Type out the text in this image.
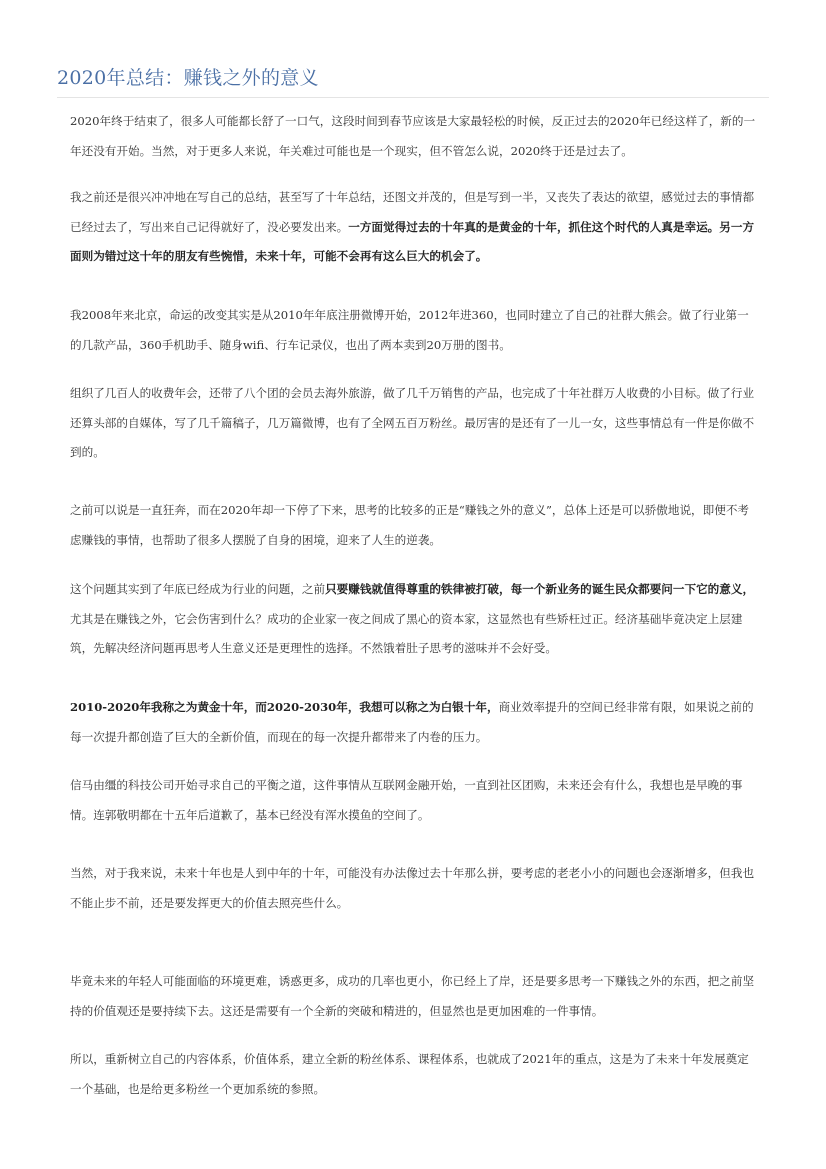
2020年总结：赚钱之外的意义

2020年终于结束了，很多人可能都长舒了一口气，这段时间到春节应该是大家最轻松的时候，反正过去的2020年已经这样了，新的一年还没有开始。当然，对于更多人来说，年关难过可能也是一个现实，但不管怎么说，2020终于还是过去了。

我之前还是很兴冲冲地在写自己的总结，甚至写了十年总结，还图文并茂的，但是写到一半，又丧失了表达的欲望，感觉过去的事情都已经过去了，写出来自己记得就好了，没必要发出来。一方面觉得过去的十年真的是黄金的十年，抓住这个时代的人真是幸运。另一方面则为错过这十年的朋友有些惋惜，未来十年，可能不会再有这么巨大的机会了。

我2008年来北京，命运的改变其实是从2010年年底注册微博开始，2012年进360，也同时建立了自己的社群大熊会。做了行业第一的几款产品，360手机助手、随身wifi、行车记录仪，也出了两本卖到20万册的图书。

组织了几百人的收费年会，还带了八个团的会员去海外旅游，做了几千万销售的产品，也完成了十年社群万人收费的小目标。做了行业还算头部的自媒体，写了几千篇稿子，几万篇微博，也有了全网五百万粉丝。最厉害的是还有了一儿一女，这些事情总有一件是你做不到的。

之前可以说是一直狂奔，而在2020年却一下停了下来，思考的比较多的正是“赚钱之外的意义”，总体上还是可以骄傲地说，即便不考虑赚钱的事情，也帮助了很多人摆脱了自身的困境，迎来了人生的逆袭。

这个问题其实到了年底已经成为行业的问题，之前只要赚钱就值得尊重的铁律被打破，每一个新业务的诞生民众都要问一下它的意义，尤其是在赚钱之外，它会伤害到什么？成功的企业家一夜之间成了黑心的资本家，这显然也有些矫枉过正。经济基础毕竟决定上层建筑，先解决经济问题再思考人生意义还是更理性的选择。不然饿着肚子思考的滋味并不会好受。

2010-2020年我称之为黄金十年，而2020-2030年，我想可以称之为白银十年，商业效率提升的空间已经非常有限，如果说之前的每一次提升都创造了巨大的全新价值，而现在的每一次提升都带来了内卷的压力。

信马由缰的科技公司开始寻求自己的平衡之道，这件事情从互联网金融开始，一直到社区团购，未来还会有什么，我想也是早晚的事情。连郭敬明都在十五年后道歉了，基本已经没有浑水摸鱼的空间了。

当然，对于我来说，未来十年也是人到中年的十年，可能没有办法像过去十年那么拼，要考虑的老老小小的问题也会逐渐增多，但我也不能止步不前，还是要发挥更大的价值去照亮些什么。

毕竟未来的年轻人可能面临的环境更难，诱惑更多，成功的几率也更小，你已经上了岸，还是要多思考一下赚钱之外的东西，把之前坚持的价值观还是要持续下去。这还是需要有一个全新的突破和精进的，但显然也是更加困难的一件事情。

所以，重新树立自己的内容体系，价值体系，建立全新的粉丝体系、课程体系，也就成了2021年的重点，这是为了未来十年发展奠定一个基础，也是给更多粉丝一个更加系统的参照。
